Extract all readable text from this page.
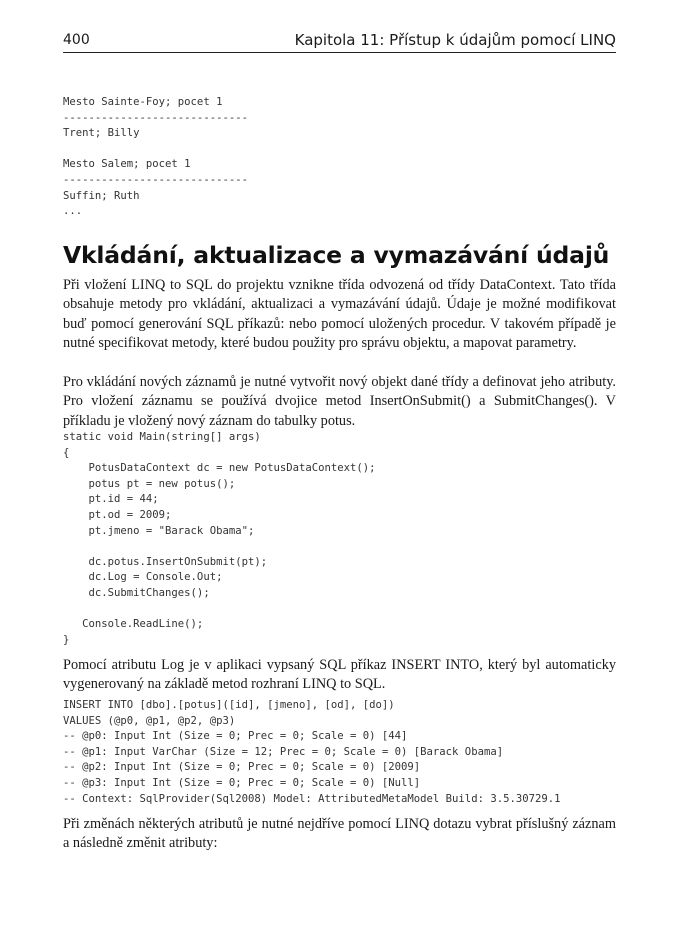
400	Kapitola 11: Přístup k údajům pomocí LINQ
Mesto Sainte-Foy; pocet 1
-----------------------------
Trent; Billy
Mesto Salem; pocet 1
-----------------------------
Suffin; Ruth
...
Vkládání, aktualizace a vymazávání údajů

Při vložení LINQ to SQL do projektu vznikne třída odvozená od třídy DataContext. Tato třída obsahuje metody pro vkládání, aktualizaci a vymazávání údajů. Údaje je možné modifikovat buď pomocí generování SQL příkazů: nebo pomocí uložených procedur. V takovém případě je nutné specifikovat metody, které budou použity pro správu objektu, a mapovat parametry.

Pro vkládání nových záznamů je nutné vytvořit nový objekt dané třídy a definovat jeho atributy. Pro vložení záznamu se používá dvojice metod InsertOnSubmit() a SubmitChanges(). V příkladu je vložený nový záznam do tabulky potus.

static void Main(string[] args)
{
PotusDataContext dc = new PotusDataContext();
potus pt = new potus();
pt.id = 44;
pt.od = 2009;
pt.jmeno = "Barack Obama";
dc.potus.InsertOnSubmit(pt);
dc.Log = Console.Out;
dc.SubmitChanges();
Console.ReadLine();
}

Pomocí atributu Log je v aplikaci vypsaný SQL příkaz INSERT INTO, který byl automaticky vygenerovaný na základě metod rozhraní LINQ to SQL.

INSERT INTO [dbo].[potus]([id], [jmeno], [od], [do])
VALUES (@p0, @p1, @p2, @p3)
-- @p0: Input Int (Size = 0; Prec = 0; Scale = 0) [44]
-- @p1: Input VarChar (Size = 12; Prec = 0; Scale = 0) [Barack Obama]
-- @p2: Input Int (Size = 0; Prec = 0; Scale = 0) [2009]
-- @p3: Input Int (Size = 0; Prec = 0; Scale = 0) [Null]
-- Context: SqlProvider(Sql2008) Model: AttributedMetaModel Build: 3.5.30729.1

Při změnách některých atributů je nutné nejdříve pomocí LINQ dotazu vybrat příslušný záznam a následně změnit atributy:
